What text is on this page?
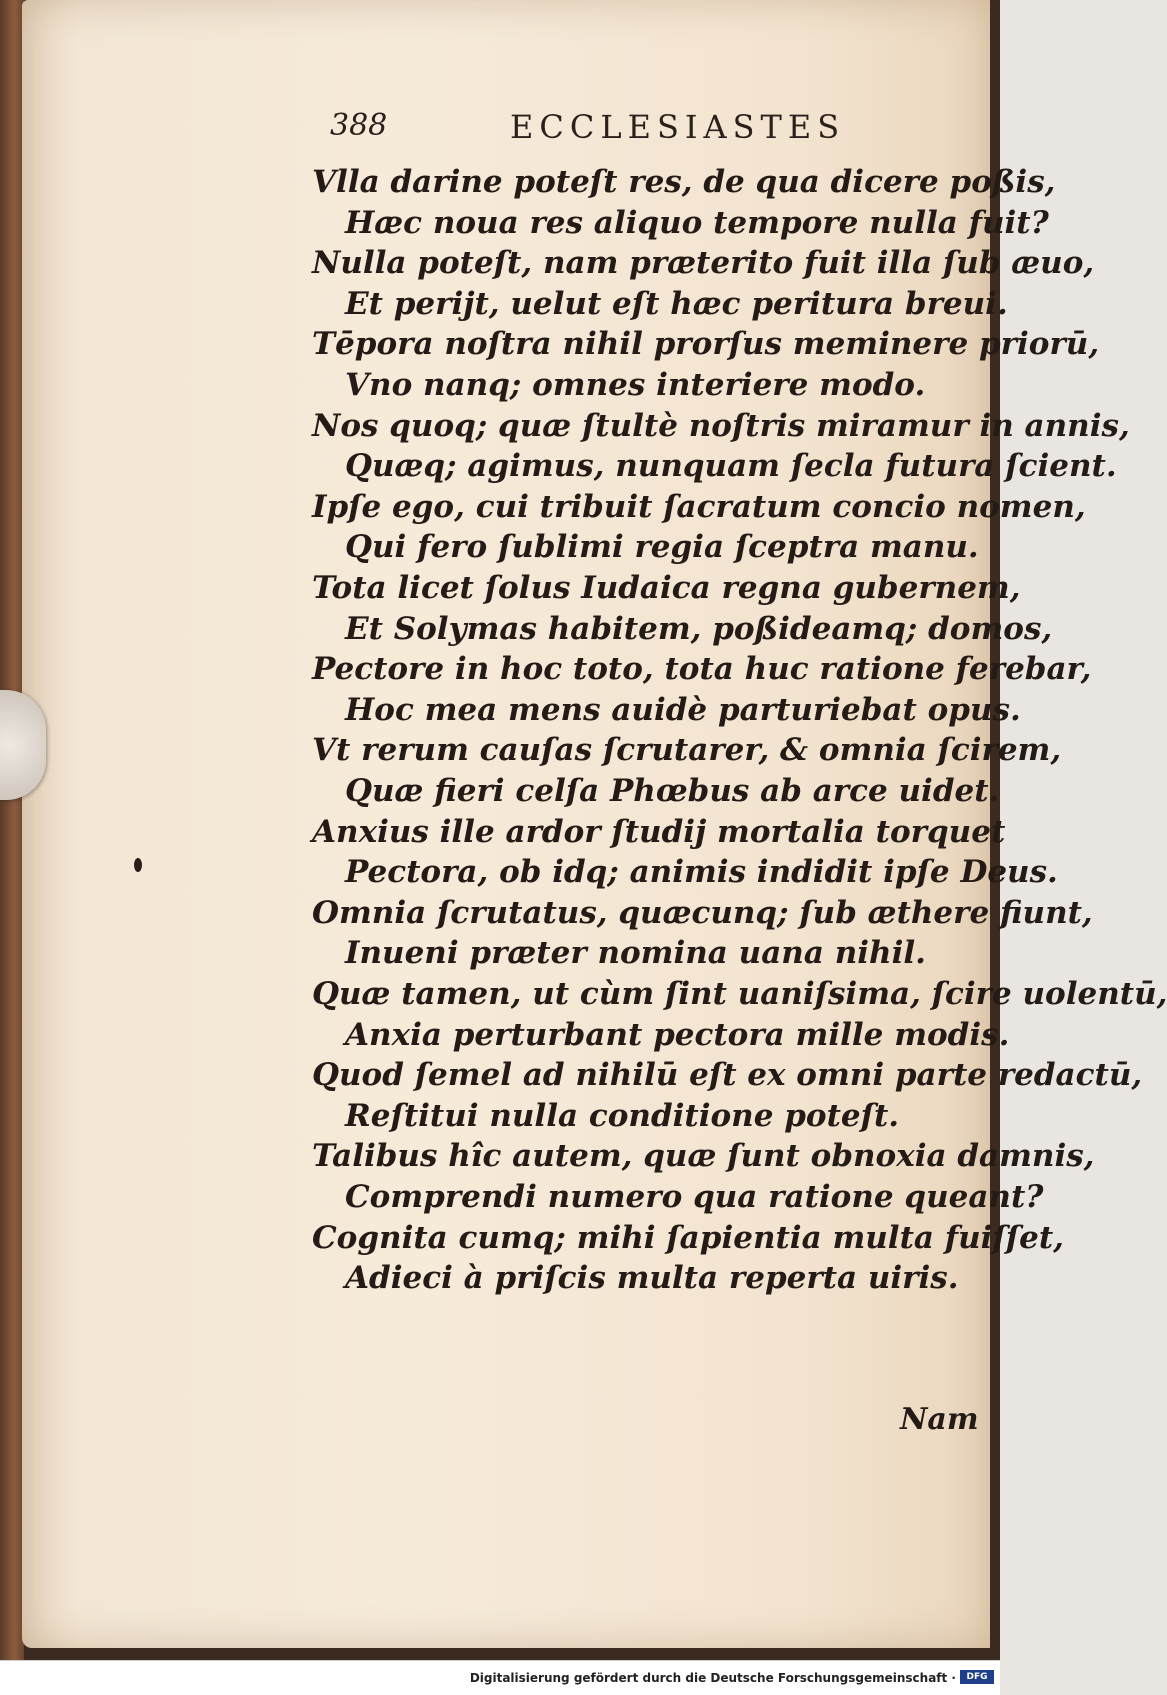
388	ECCLESIASTES
Vlla darine poteſt res, de qua dicere poßis,
Hæc noua res aliquo tempore nulla fuit?
Nulla poteſt, nam præterito fuit illa ſub æuo,
Et perijt, uelut eſt hæc peritura breui.
Tēpora noſtra nihil prorſus meminere priorū,
Vno nanq; omnes interiere modo.
Nos quoq; quæ ſtultè noſtris miramur in annis,
Quæq; agimus, nunquam ſecla futura ſcient.
Ipſe ego, cui tribuit ſacratum concio nomen,
Qui fero ſublimi regia ſceptra manu.
Tota licet ſolus Iudaica regna gubernem,
Et Solymas habitem, poßideamq; domos,
Pectore in hoc toto, tota huc ratione ferebar,
Hoc mea mens auidè parturiebat opus.
Vt rerum cauſas ſcrutarer, & omnia ſcirem,
Quæ fieri celſa Phœbus ab arce uidet.
Anxius ille ardor ſtudij mortalia torquet
Pectora, ob idq; animis indidit ipſe Deus.
Omnia ſcrutatus, quæcunq; ſub æthere fiunt,
Inueni præter nomina uana nihil.
Quæ tamen, ut cùm ſint uaniſsima, ſcire uolentū,
Anxia perturbant pectora mille modis.
Quod ſemel ad nihilū eſt ex omni parte redactū,
Reſtitui nulla conditione poteſt.
Talibus hîc autem, quæ ſunt obnoxia damnis,
Comprendi numero qua ratione queant?
Cognita cumq; mihi ſapientia multa fuiſſet,
Adieci à priſcis multa reperta uiris.
Nam
Digitalisierung gefördert durch die Deutsche Forschungsgemeinschaft ·	DFG
